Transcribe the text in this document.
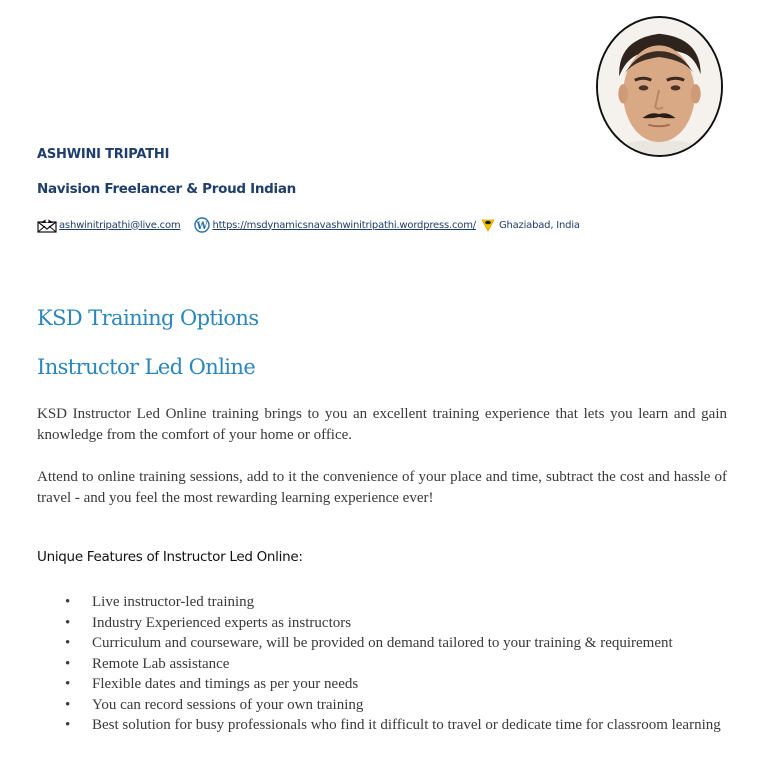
ASHWINI TRIPATHI
Navision Freelancer & Proud Indian
ashwinitripathi@live.com W https://msdynamicsnavashwinitripathi.wordpress.com/ Ghaziabad, India
KSD Training Options
Instructor Led Online

KSD Instructor Led Online training brings to you an excellent training experience that lets you learn and gain knowledge from the comfort of your home or office.

Attend to online training sessions, add to it the convenience of your place and time, subtract the cost and hassle of travel - and you feel the most rewarding learning experience ever!

Unique Features of Instructor Led Online:
• Live instructor-led training
• Industry Experienced experts as instructors
• Curriculum and courseware, will be provided on demand tailored to your training & requirement
• Remote Lab assistance
• Flexible dates and timings as per your needs
• You can record sessions of your own training
• Best solution for busy professionals who find it difficult to travel or dedicate time for classroom learning
